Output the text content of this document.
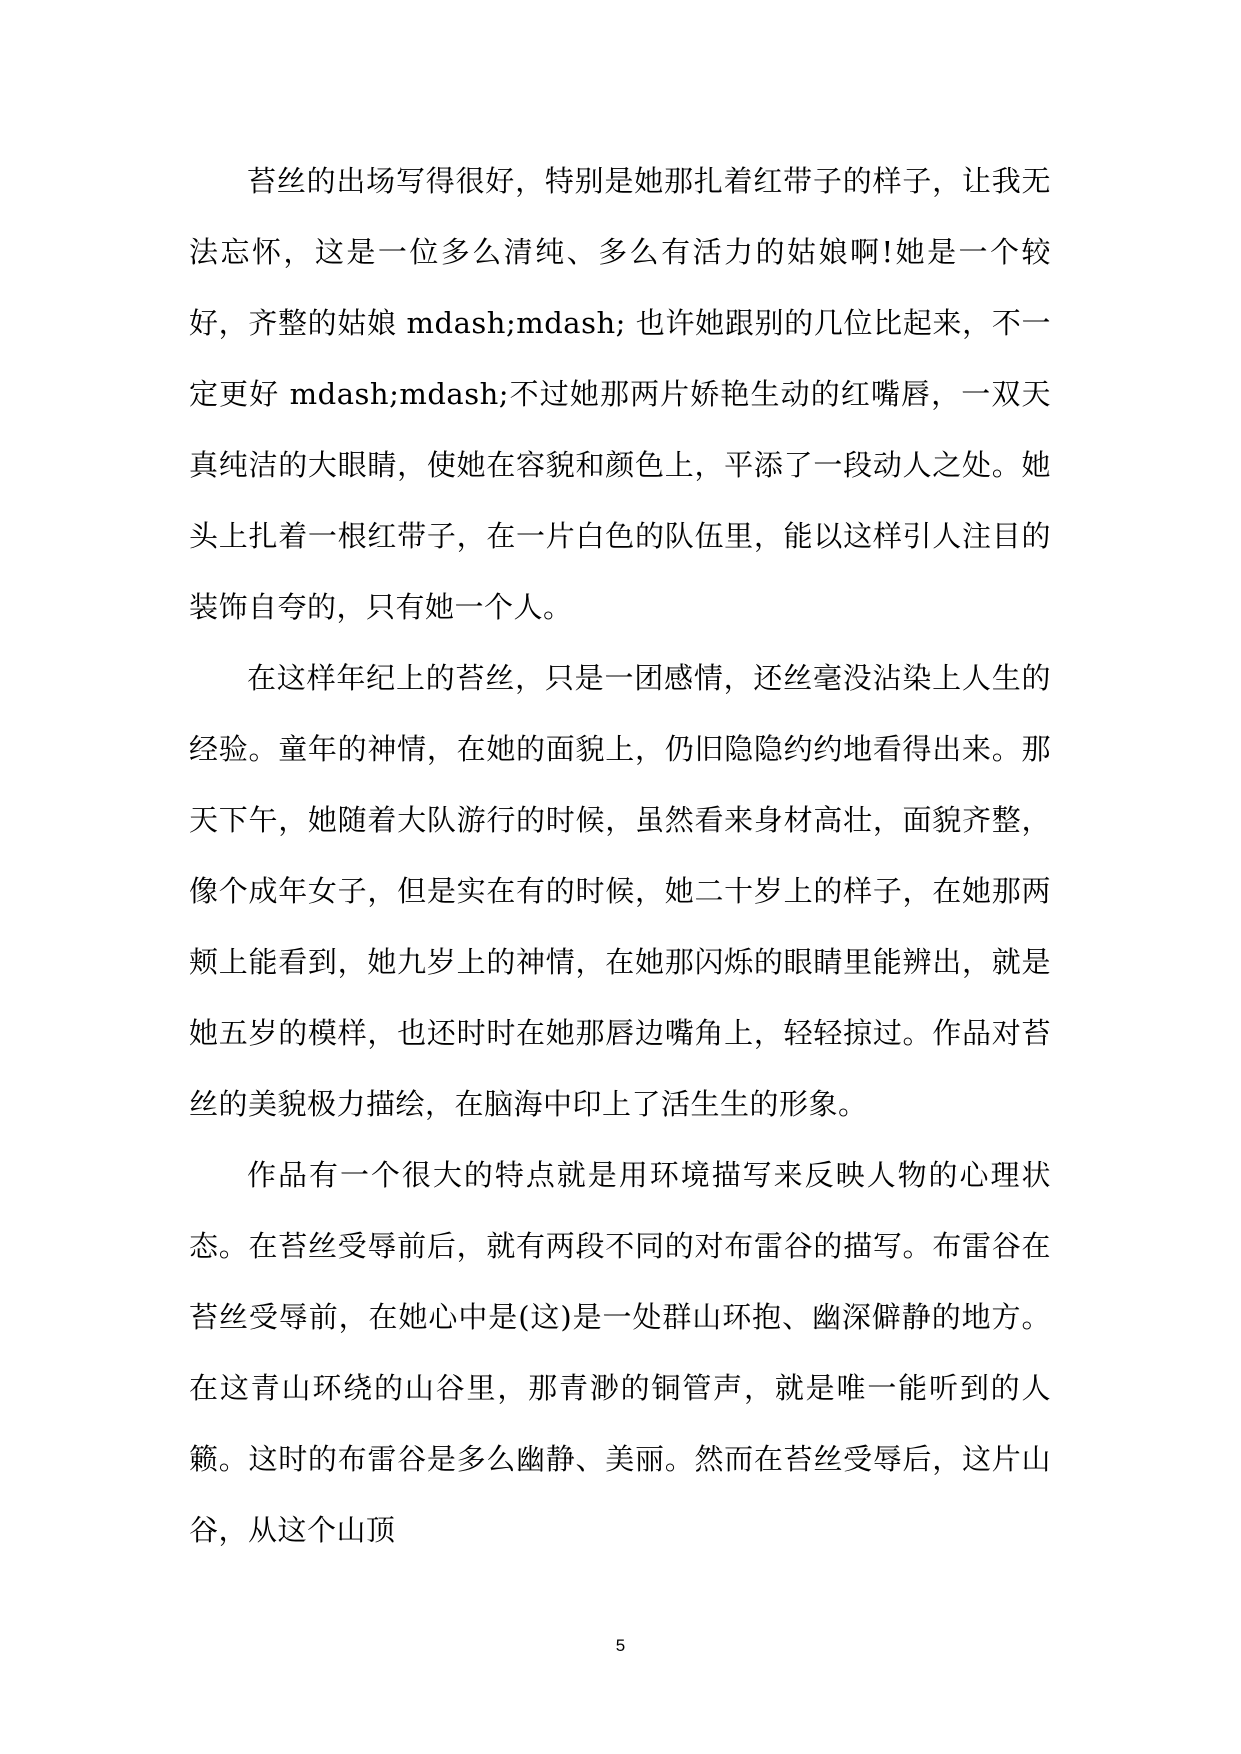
苔丝的出场写得很好，特别是她那扎着红带子的样子，让我无法忘怀，这是一位多么清纯、多么有活力的姑娘啊!她是一个较好，齐整的姑娘 mdash;mdash; 也许她跟别的几位比起来，不一定更好 mdash;mdash;不过她那两片娇艳生动的红嘴唇，一双天真纯洁的大眼睛，使她在容貌和颜色上，平添了一段动人之处。她头上扎着一根红带子，在一片白色的队伍里，能以这样引人注目的装饰自夸的，只有她一个人。

在这样年纪上的苔丝，只是一团感情，还丝毫没沾染上人生的经验。童年的神情，在她的面貌上，仍旧隐隐约约地看得出来。那天下午，她随着大队游行的时候，虽然看来身材高壮，面貌齐整，像个成年女子，但是实在有的时候，她二十岁上的样子，在她那两颊上能看到，她九岁上的神情，在她那闪烁的眼睛里能辨出，就是她五岁的模样，也还时时在她那唇边嘴角上，轻轻掠过。作品对苔丝的美貌极力描绘，在脑海中印上了活生生的形象。

作品有一个很大的特点就是用环境描写来反映人物的心理状态。在苔丝受辱前后，就有两段不同的对布雷谷的描写。布雷谷在苔丝受辱前，在她心中是(这)是一处群山环抱、幽深僻静的地方。在这青山环绕的山谷里，那青渺的铜管声，就是唯一能听到的人籁。这时的布雷谷是多么幽静、美丽。然而在苔丝受辱后，这片山谷，从这个山顶

5
